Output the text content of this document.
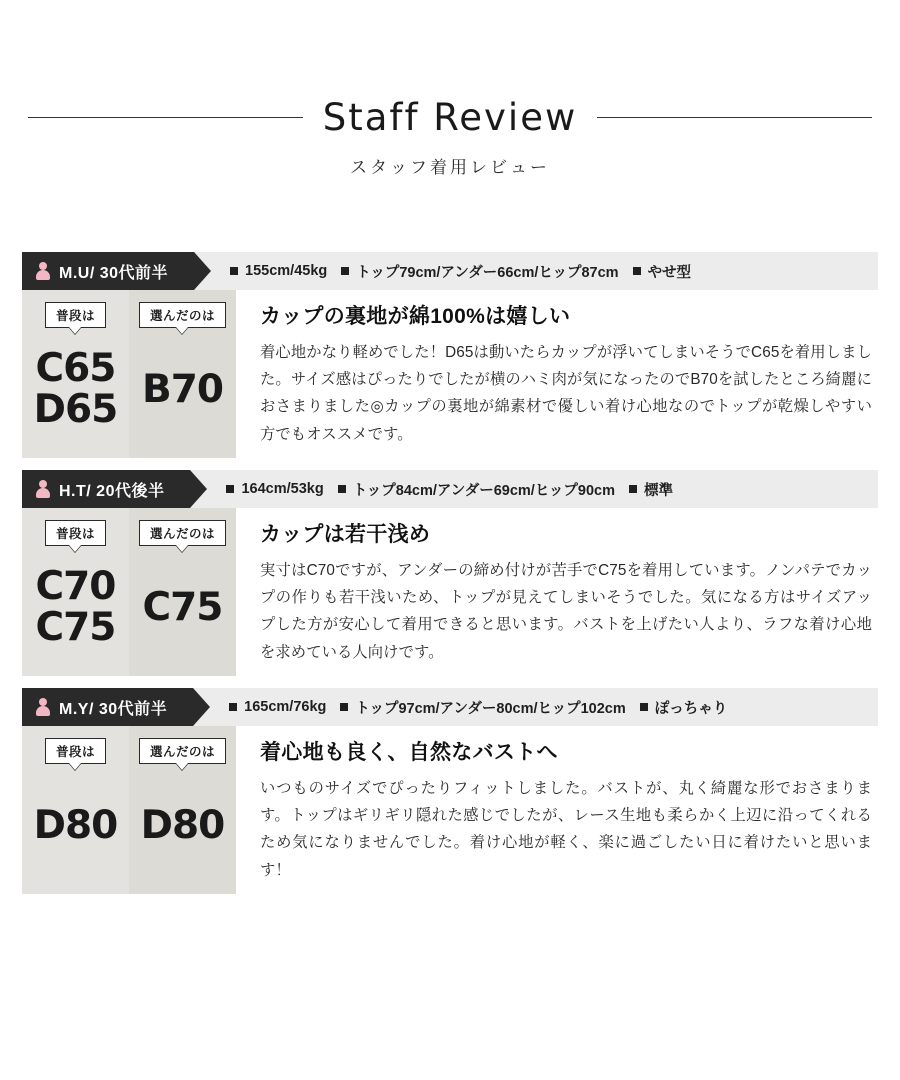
Staff Review
スタッフ着用レビュー
M.U/ 30代前半	155cm/45kg トップ79cm/アンダー66cm/ヒップ87cm やせ型
普段は
C65
D65
選んだのは
B70
カップの裏地が綿100%は嬉しい
着心地かなり軽めでした！D65は動いたらカップが浮いてしまいそうでC65を着用しました。サイズ感はぴったりでしたが横のハミ肉が気になったのでB70を試したところ綺麗におさまりました◎カップの裏地が綿素材で優しい着け心地なのでトップが乾燥しやすい方でもオススメです。
H.T/ 20代後半	164cm/53kg トップ84cm/アンダー69cm/ヒップ90cm 標準
普段は
C70
C75
選んだのは
C75
カップは若干浅め
実寸はC70ですが、アンダーの締め付けが苦手でC75を着用しています。ノンパテでカップの作りも若干浅いため、トップが見えてしまいそうでした。気になる方はサイズアップした方が安心して着用できると思います。バストを上げたい人より、ラフな着け心地を求めている人向けです。
M.Y/ 30代前半	165cm/76kg トップ97cm/アンダー80cm/ヒップ102cm ぽっちゃり
普段は
D80
選んだのは
D80
着心地も良く、自然なバストへ
いつものサイズでぴったりフィットしました。バストが、丸く綺麗な形でおさまります。トップはギリギリ隠れた感じでしたが、レース生地も柔らかく上辺に沿ってくれるため気になりませんでした。着け心地が軽く、楽に過ごしたい日に着けたいと思います！
